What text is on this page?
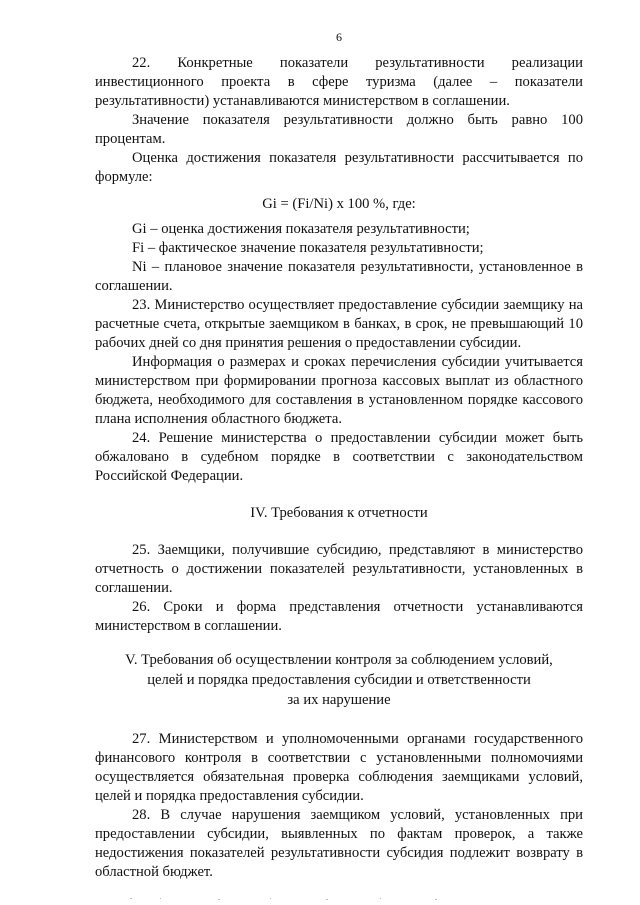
6

22. Конкретные показатели результативности реализации инвестиционного проекта в сфере туризма (далее – показатели результативности) устанавливаются министерством в соглашении.

Значение показателя результативности должно быть равно 100 процентам.

Оценка достижения показателя результативности рассчитывается по формуле:

Gi = (Fi/Ni) x 100 %, где:

Gi – оценка достижения показателя результативности;

Fi – фактическое значение показателя результативности;

Ni – плановое значение показателя результативности, установленное в соглашении.

23. Министерство осуществляет предоставление субсидии заемщику на расчетные счета, открытые заемщиком в банках, в срок, не превышающий 10 рабочих дней со дня принятия решения о предоставлении субсидии.

Информация о размерах и сроках перечисления субсидии учитывается министерством при формировании прогноза кассовых выплат из областного бюджета, необходимого для составления в установленном порядке кассового плана исполнения областного бюджета.

24. Решение министерства о предоставлении субсидии может быть обжаловано в судебном порядке в соответствии с законодательством Российской Федерации.

IV. Требования к отчетности

25. Заемщики, получившие субсидию, представляют в министерство отчетность о достижении показателей результативности, установленных в соглашении.

26. Сроки и форма представления отчетности устанавливаются министерством в соглашении.

V. Требования об осуществлении контроля за соблюдением условий,
целей и порядка предоставления субсидии и ответственности
за их нарушение

27. Министерством и уполномоченными органами государственного финансового контроля в соответствии с установленными полномочиями осуществляется обязательная проверка соблюдения заемщиками условий, целей и порядка предоставления субсидии.

28. В случае нарушения заемщиком условий, установленных при предоставлении субсидии, выявленных по фактам проверок, а также недостижения показателей результативности субсидия подлежит возврату в областной бюджет.
